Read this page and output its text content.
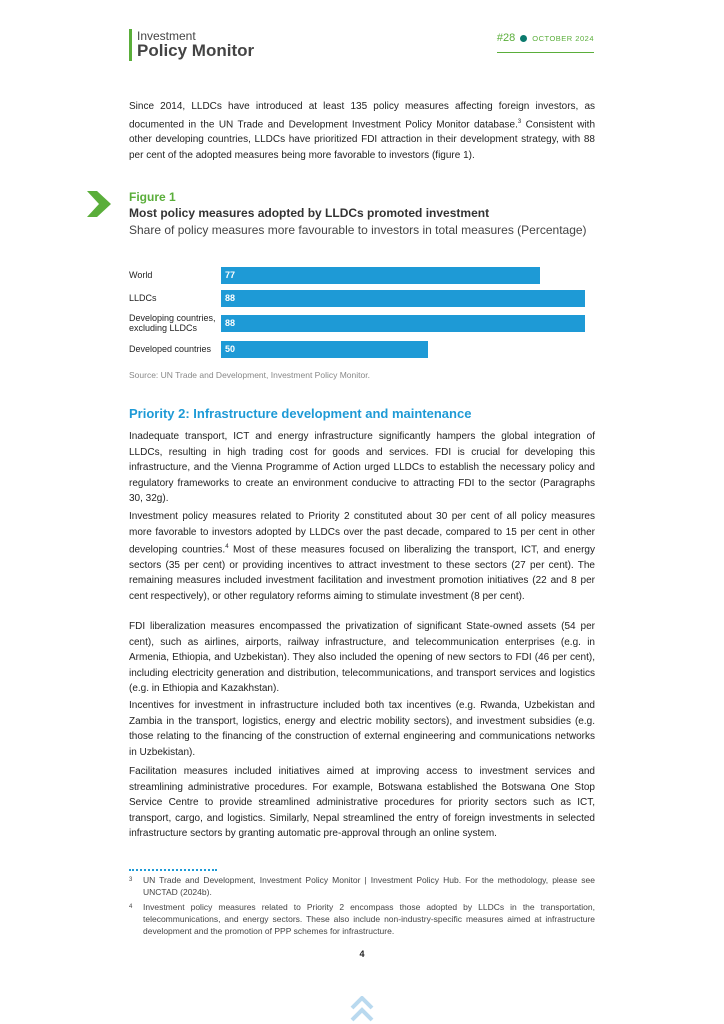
Investment
Policy Monitor
#28 OCTOBER 2024

Since 2014, LLDCs have introduced at least 135 policy measures affecting foreign investors, as documented in the UN Trade and Development Investment Policy Monitor database.$^3$ Consistent with other developing countries, LLDCs have prioritized FDI attraction in their development strategy, with 88 per cent of the adopted measures being more favorable to investors (figure 1).

Figure 1
Most policy measures adopted by LLDCs promoted investment
Share of policy measures more favourable to investors in total measures (Percentage)
World	77
LLDCs	88
Developing countries,
excluding LLDCs	88
Developed countries	50
Source: UN Trade and Development, Investment Policy Monitor.
Priority 2: Infrastructure development and maintenance

Inadequate transport, ICT and energy infrastructure significantly hampers the global integration of LLDCs, resulting in high trading cost for goods and services. FDI is crucial for developing this infrastructure, and the Vienna Programme of Action urged LLDCs to establish the necessary policy and regulatory frameworks to create an environment conducive to attracting FDI to the sector (Paragraphs 30, 32g).

Investment policy measures related to Priority 2 constituted about 30 per cent of all policy measures more favorable to investors adopted by LLDCs over the past decade, compared to 15 per cent in other developing countries.$^4$ Most of these measures focused on liberalizing the transport, ICT, and energy sectors (35 per cent) or providing incentives to attract investment to these sectors (27 per cent). The remaining measures included investment facilitation and investment promotion initiatives (22 and 8 per cent respectively), or other regulatory reforms aiming to stimulate investment (8 per cent).

FDI liberalization measures encompassed the privatization of significant State-owned assets (54 per cent), such as airlines, airports, railway infrastructure, and telecommunication enterprises (e.g. in Armenia, Ethiopia, and Uzbekistan). They also included the opening of new sectors to FDI (46 per cent), including electricity generation and distribution, telecommunications, and transport services and logistics (e.g. in Ethiopia and Kazakhstan).

Incentives for investment in infrastructure included both tax incentives (e.g. Rwanda, Uzbekistan and Zambia in the transport, logistics, energy and electric mobility sectors), and investment subsidies (e.g. those relating to the financing of the construction of external engineering and communications networks in Uzbekistan).

Facilitation measures included initiatives aimed at improving access to investment services and streamlining administrative procedures. For example, Botswana established the Botswana One Stop Service Centre to provide streamlined administrative procedures for priority sectors such as ICT, transport, cargo, and logistics. Similarly, Nepal streamlined the entry of foreign investments in selected infrastructure sectors by granting automatic pre-approval through an online system.

3 UN Trade and Development, Investment Policy Monitor | Investment Policy Hub. For the methodology, please see UNCTAD (2024b).
4 Investment policy measures related to Priority 2 encompass those adopted by LLDCs in the transportation, telecommunications, and energy sectors. These also include non-industry-specific measures aimed at infrastructure development and the promotion of PPP schemes for infrastructure.
4
